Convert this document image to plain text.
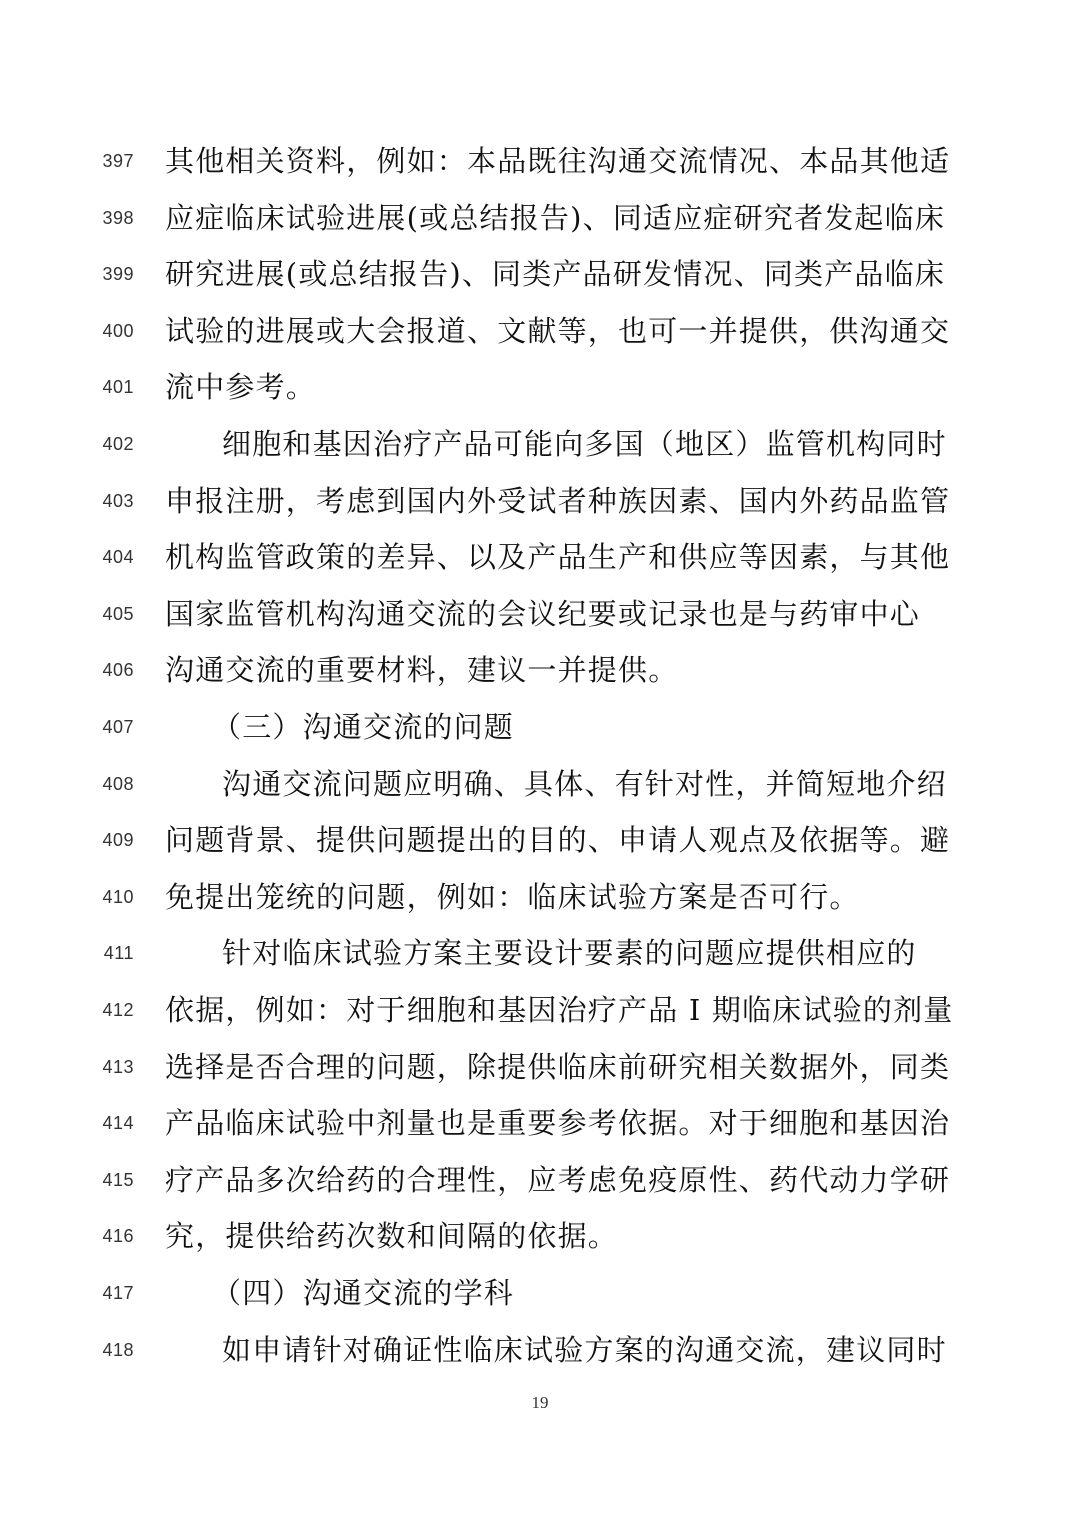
397 其他相关资料，例如：本品既往沟通交流情况、本品其他适
398 应症临床试验进展(或总结报告)、同适应症研究者发起临床
399 研究进展(或总结报告)、同类产品研发情况、同类产品临床
400 试验的进展或大会报道、文献等，也可一并提供，供沟通交
401 流中参考。
402	细胞和基因治疗产品可能向多国（地区）监管机构同时
403 申报注册，考虑到国内外受试者种族因素、国内外药品监管
404 机构监管政策的差异、以及产品生产和供应等因素，与其他
405 国家监管机构沟通交流的会议纪要或记录也是与药审中心
406 沟通交流的重要材料，建议一并提供。
407	（三）沟通交流的问题
408	沟通交流问题应明确、具体、有针对性，并简短地介绍
409 问题背景、提供问题提出的目的、申请人观点及依据等。避
410 免提出笼统的问题，例如：临床试验方案是否可行。
411	针对临床试验方案主要设计要素的问题应提供相应的
412 依据，例如：对于细胞和基因治疗产品 I 期临床试验的剂量
413 选择是否合理的问题，除提供临床前研究相关数据外，同类
414 产品临床试验中剂量也是重要参考依据。对于细胞和基因治
415 疗产品多次给药的合理性，应考虑免疫原性、药代动力学研
416 究，提供给药次数和间隔的依据。
417	（四）沟通交流的学科
418	如申请针对确证性临床试验方案的沟通交流，建议同时
19
